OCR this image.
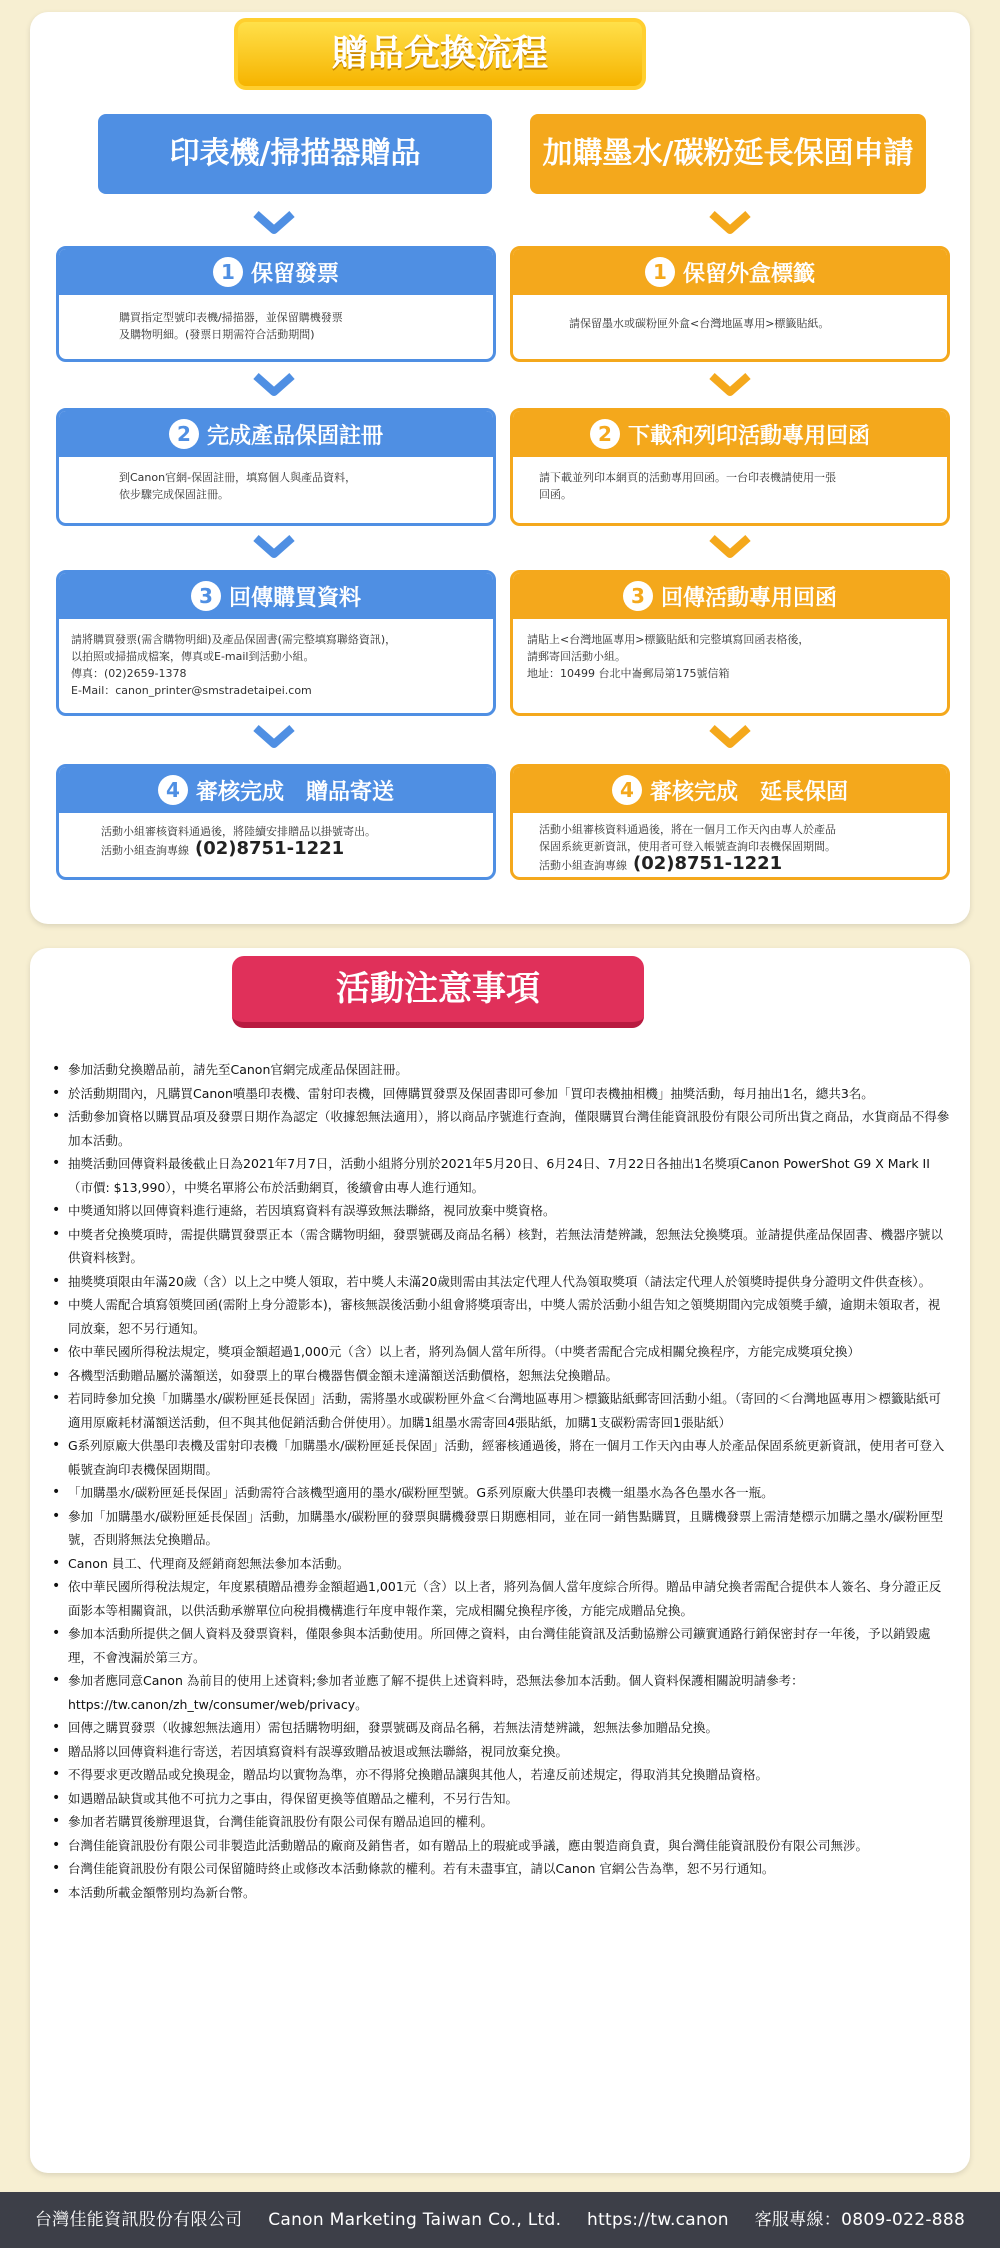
贈品兌換流程
印表機/掃描器贈品	加購墨水/碳粉延長保固申請
1 保留發票
購買指定型號印表機/掃描器，並保留購機發票
及購物明細。(發票日期需符合活動期間)
1 保留外盒標籤
請保留墨水或碳粉匣外盒<台灣地區專用>標籤貼紙。
2 完成產品保固註冊
到Canon官網-保固註冊，填寫個人與產品資料，
依步驟完成保固註冊。
2 下載和列印活動專用回函
請下載並列印本網頁的活動專用回函。一台印表機請使用一張
回函。
3 回傳購買資料
請將購買發票(需含購物明細)及產品保固書(需完整填寫聯絡資訊)，
以拍照或掃描成檔案，傳真或E-mail到活動小組。
傳真：(02)2659-1378
E-Mail：canon_printer@smstradetaipei.com
3 回傳活動專用回函
請貼上<台灣地區專用>標籤貼紙和完整填寫回函表格後，
請郵寄回活動小組。
地址：10499 台北中崙郵局第175號信箱
4 審核完成　贈品寄送
活動小組審核資料通過後，將陸續安排贈品以掛號寄出。
活動小組查詢專線 (02)8751-1221
4 審核完成　延長保固
活動小組審核資料通過後，將在一個月工作天內由專人於產品
保固系統更新資訊，使用者可登入帳號查詢印表機保固期間。
活動小組查詢專線 (02)8751-1221
活動注意事項
• 參加活動兌換贈品前，請先至Canon官網完成產品保固註冊。
• 於活動期間內，凡購買Canon噴墨印表機、雷射印表機，回傳購買發票及保固書即可參加「買印表機抽相機」抽獎活動，每月抽出1名，總共3名。
• 活動參加資格以購買品項及發票日期作為認定（收據恕無法適用），將以商品序號進行查詢，僅限購買台灣佳能資訊股份有限公司所出貨之商品，水貨商品不得參加本活動。
• 抽獎活動回傳資料最後截止日為2021年7月7日，活動小組將分別於2021年5月20日、6月24日、7月22日各抽出1名獎項Canon PowerShot G9 X Mark II （市價: $13,990），中獎名單將公布於活動網頁，後續會由專人進行通知。
• 中獎通知將以回傳資料進行連絡，若因填寫資料有誤導致無法聯絡，視同放棄中獎資格。
• 中獎者兌換獎項時，需提供購買發票正本（需含購物明細，發票號碼及商品名稱）核對，若無法清楚辨識，恕無法兌換獎項。並請提供產品保固書、機器序號以供資料核對。
• 抽獎獎項限由年滿20歲（含）以上之中獎人領取，若中獎人未滿20歲則需由其法定代理人代為領取獎項（請法定代理人於領獎時提供身分證明文件供查核）。
• 中獎人需配合填寫領獎回函(需附上身分證影本)，審核無誤後活動小組會將獎項寄出，中獎人需於活動小組告知之領獎期間內完成領獎手續，逾期未領取者，視同放棄，恕不另行通知。
• 依中華民國所得稅法規定，獎項金額超過1,000元（含）以上者，將列為個人當年所得。（中獎者需配合完成相關兌換程序，方能完成獎項兌換）
• 各機型活動贈品屬於滿額送，如發票上的單台機器售價金額未達滿額送活動價格，恕無法兌換贈品。
• 若同時參加兌換「加購墨水/碳粉匣延長保固」活動，需將墨水或碳粉匣外盒＜台灣地區專用＞標籤貼紙郵寄回活動小組。（寄回的＜台灣地區專用＞標籤貼紙可適用原廠耗材滿額送活動，但不與其他促銷活動合併使用）。加購1組墨水需寄回4張貼紙，加購1支碳粉需寄回1張貼紙）
• G系列原廠大供墨印表機及雷射印表機「加購墨水/碳粉匣延長保固」活動，經審核通過後，將在一個月工作天內由專人於產品保固系統更新資訊，使用者可登入帳號查詢印表機保固期間。
• 「加購墨水/碳粉匣延長保固」活動需符合該機型適用的墨水/碳粉匣型號。G系列原廠大供墨印表機一組墨水為各色墨水各一瓶。
• 參加「加購墨水/碳粉匣延長保固」活動，加購墨水/碳粉匣的發票與購機發票日期應相同，並在同一銷售點購買，且購機發票上需清楚標示加購之墨水/碳粉匣型號，否則將無法兌換贈品。
• Canon 員工、代理商及經銷商恕無法參加本活動。
• 依中華民國所得稅法規定，年度累積贈品禮券金額超過1,001元（含）以上者，將列為個人當年度綜合所得。贈品申請兌換者需配合提供本人簽名、身分證正反面影本等相關資訊，以供活動承辦單位向稅捐機構進行年度申報作業，完成相關兌換程序後，方能完成贈品兌換。
• 參加本活動所提供之個人資料及發票資料，僅限參與本活動使用。所回傳之資料，由台灣佳能資訊及活動協辦公司鑛實通路行銷保密封存一年後，予以銷毀處理，不會洩漏於第三方。
• 參加者應同意Canon 為前目的使用上述資料;參加者並應了解不提供上述資料時，恐無法參加本活動。個人資料保護相關說明請參考：https://tw.canon/zh_tw/consumer/web/privacy。
• 回傳之購買發票（收據恕無法適用）需包括購物明細，發票號碼及商品名稱，若無法清楚辨識，恕無法參加贈品兌換。
• 贈品將以回傳資料進行寄送，若因填寫資料有誤導致贈品被退或無法聯絡，視同放棄兌換。
• 不得要求更改贈品或兌換現金，贈品均以實物為準，亦不得將兌換贈品讓與其他人，若違反前述規定，得取消其兌換贈品資格。
• 如遇贈品缺貨或其他不可抗力之事由，得保留更換等值贈品之權利，不另行告知。
• 參加者若購買後辦理退貨，台灣佳能資訊股份有限公司保有贈品追回的權利。
• 台灣佳能資訊股份有限公司非製造此活動贈品的廠商及銷售者，如有贈品上的瑕疵或爭議，應由製造商負責，與台灣佳能資訊股份有限公司無涉。
• 台灣佳能資訊股份有限公司保留隨時終止或修改本活動條款的權利。若有未盡事宜，請以Canon 官網公告為準，恕不另行通知。
• 本活動所載金額幣別均為新台幣。
台灣佳能資訊股份有限公司 Canon Marketing Taiwan Co., Ltd. https://tw.canon 客服專線：0809-022-888
